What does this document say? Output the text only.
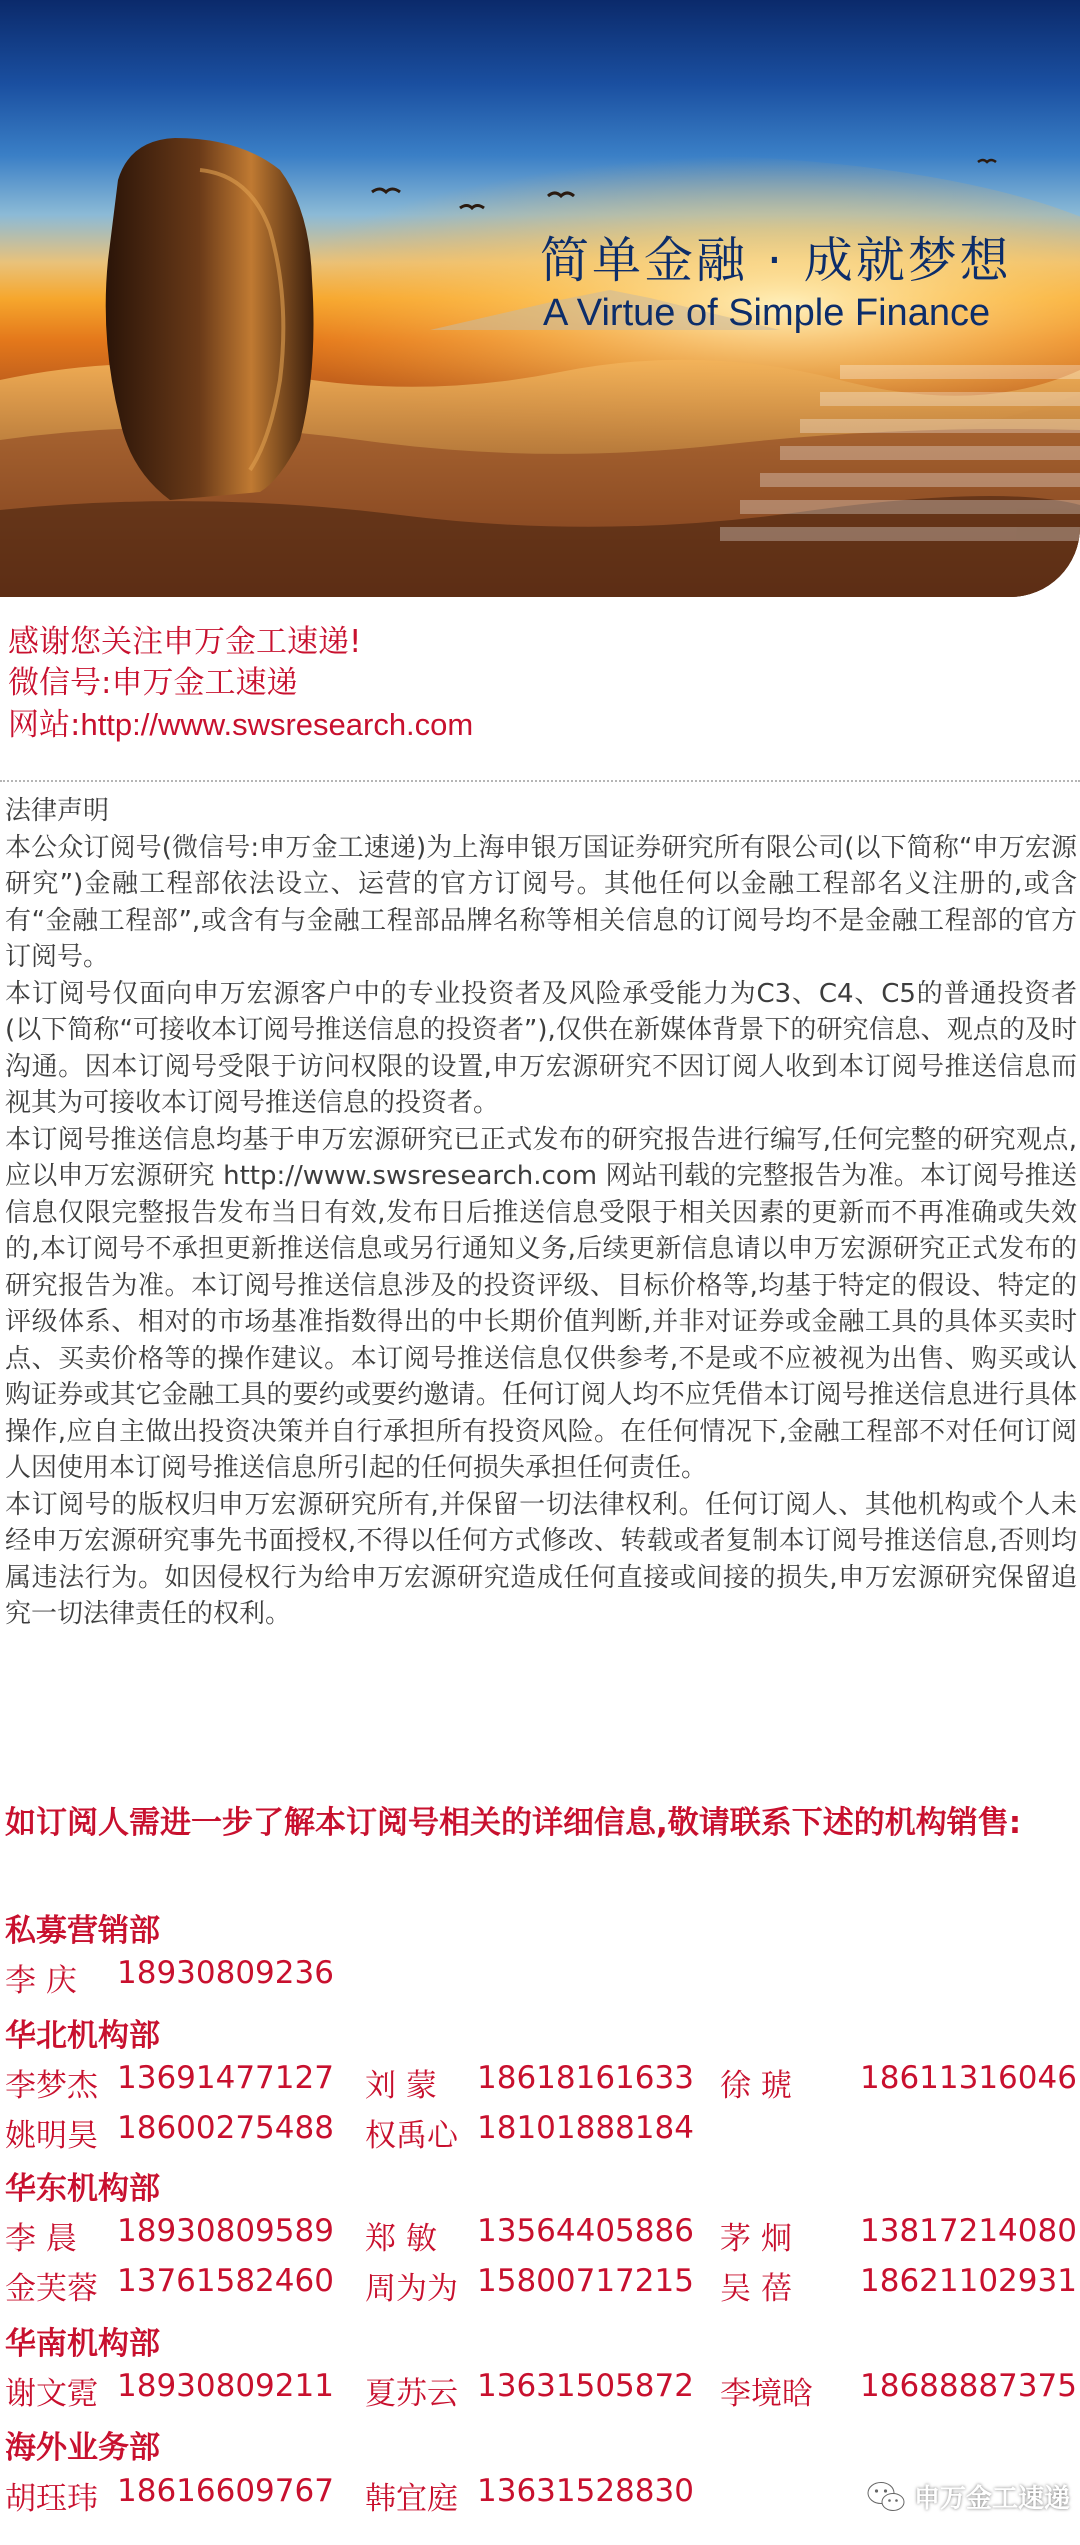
简单金融 · 成就梦想
A Virtue of Simple Finance
感谢您关注申万金工速递!
微信号:申万金工速递
网站:http://www.swsresearch.com
法律声明

本公众订阅号(微信号:申万金工速递)为上海申银万国证券研究所有限公司(以下简称“申万宏源研究”)金融工程部依法设立、运营的官方订阅号。其他任何以金融工程部名义注册的,或含有“金融工程部”,或含有与金融工程部品牌名称等相关信息的订阅号均不是金融工程部的官方订阅号。

本订阅号仅面向申万宏源客户中的专业投资者及风险承受能力为C3、C4、C5的普通投资者(以下简称“可接收本订阅号推送信息的投资者”),仅供在新媒体背景下的研究信息、观点的及时沟通。因本订阅号受限于访问权限的设置,申万宏源研究不因订阅人收到本订阅号推送信息而视其为可接收本订阅号推送信息的投资者。

本订阅号推送信息均基于申万宏源研究已正式发布的研究报告进行编写,任何完整的研究观点,应以申万宏源研究 http://www.swsresearch.com 网站刊载的完整报告为准。本订阅号推送信息仅限完整报告发布当日有效,发布日后推送信息受限于相关因素的更新而不再准确或失效的,本订阅号不承担更新推送信息或另行通知义务,后续更新信息请以申万宏源研究正式发布的研究报告为准。本订阅号推送信息涉及的投资评级、目标价格等,均基于特定的假设、特定的评级体系、相对的市场基准指数得出的中长期价值判断,并非对证券或金融工具的具体买卖时点、买卖价格等的操作建议。本订阅号推送信息仅供参考,不是或不应被视为出售、购买或认购证券或其它金融工具的要约或要约邀请。任何订阅人均不应凭借本订阅号推送信息进行具体操作,应自主做出投资决策并自行承担所有投资风险。在任何情况下,金融工程部不对任何订阅人因使用本订阅号推送信息所引起的任何损失承担任何责任。

本订阅号的版权归申万宏源研究所有,并保留一切法律权利。任何订阅人、其他机构或个人未经申万宏源研究事先书面授权,不得以任何方式修改、转载或者复制本订阅号推送信息,否则均属违法行为。如因侵权行为给申万宏源研究造成任何直接或间接的损失,申万宏源研究保留追究一切法律责任的权利。

如订阅人需进一步了解本订阅号相关的详细信息,敬请联系下述的机构销售:
私募营销部
李 庆 18930809236
华北机构部
李梦杰 13691477127 刘 蒙 18618161633 徐 琥 18611316046
姚明昊 18600275488 权禹心 18101888184
华东机构部
李 晨 18930809589 郑 敏 13564405886 茅 炯 13817214080
金芙蓉 13761582460 周为为 15800717215 吴 蓓 18621102931
华南机构部
谢文霓 18930809211 夏苏云 13631505872 李境晗 18688887375
海外业务部
胡珏玮 18616609767 韩宜庭 13631528830	申万金工速递
